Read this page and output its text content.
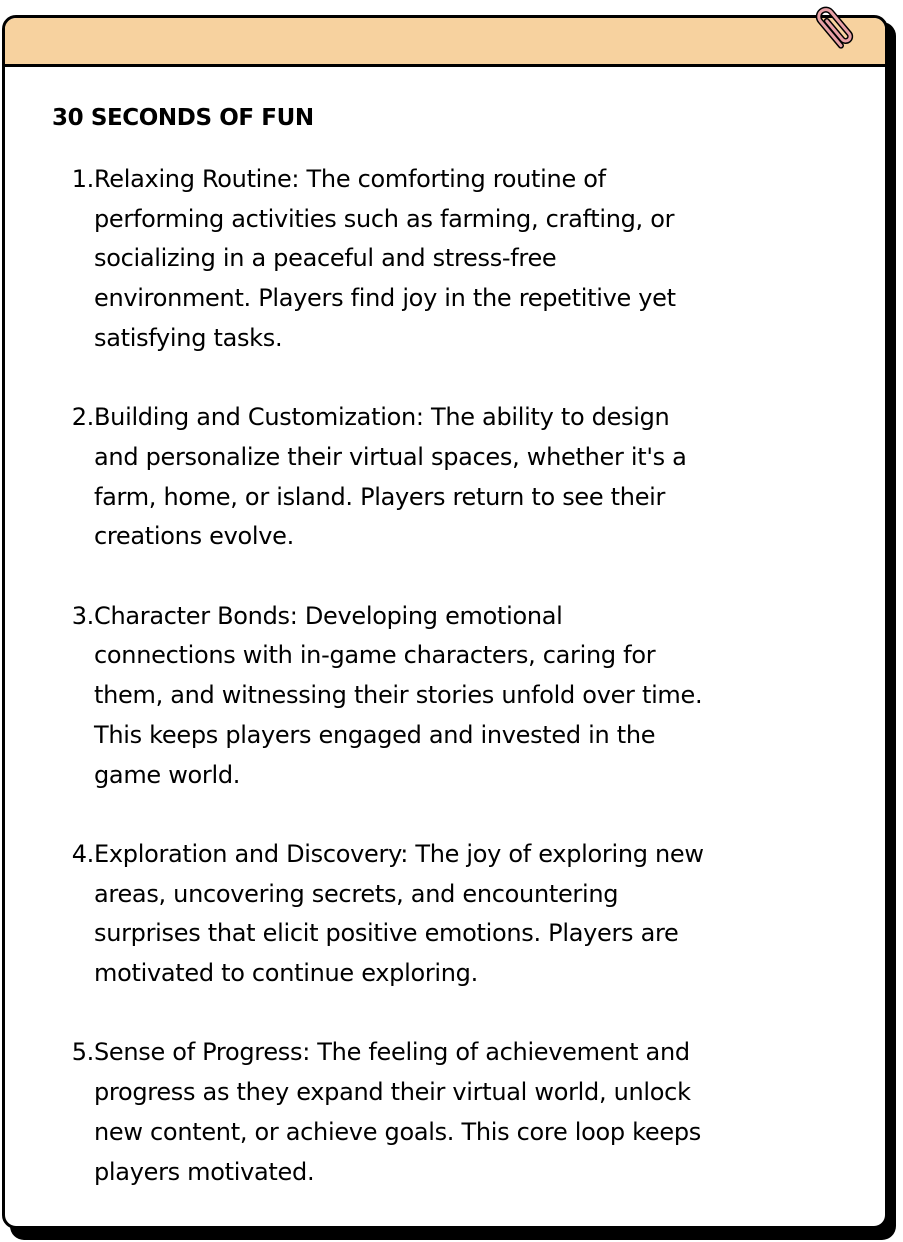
30 SECONDS OF FUN
1. Relaxing Routine: The comforting routine of
performing activities such as farming, crafting, or
socializing in a peaceful and stress-free
environment. Players find joy in the repetitive yet
satisfying tasks.
2. Building and Customization: The ability to design
and personalize their virtual spaces, whether it's a
farm, home, or island. Players return to see their
creations evolve.
3. Character Bonds: Developing emotional
connections with in-game characters, caring for
them, and witnessing their stories unfold over time.
This keeps players engaged and invested in the
game world.
4. Exploration and Discovery: The joy of exploring new
areas, uncovering secrets, and encountering
surprises that elicit positive emotions. Players are
motivated to continue exploring.
5. Sense of Progress: The feeling of achievement and
progress as they expand their virtual world, unlock
new content, or achieve goals. This core loop keeps
players motivated.
